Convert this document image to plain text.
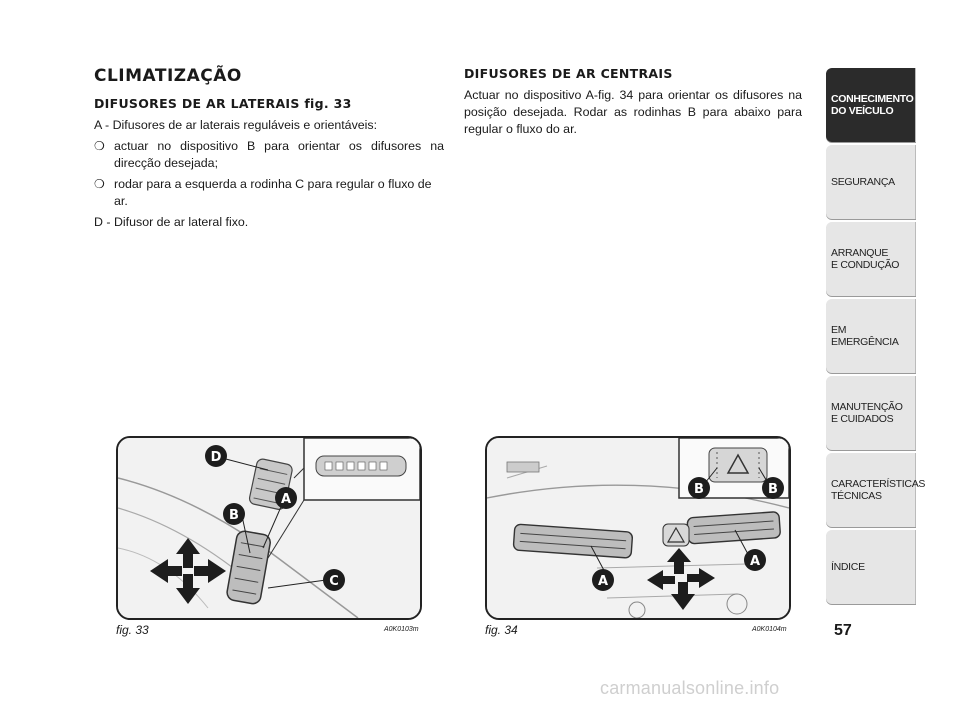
CLIMATIZAÇÃO
DIFUSORES DE AR LATERAIS fig. 33

A - Difusores de ar laterais reguláveis e orientáveis:

❍ actuar no dispositivo B para orientar os difusores na direcção desejada;
❍ rodar para a esquerda a rodinha C para regular o fluxo de ar.

D - Difusor de ar lateral fixo.

DIFUSORES DE AR CENTRAIS

Actuar no dispositivo A-fig. 34 para orientar os difusores na posição desejada. Rodar as rodinhas B para abaixo para regular o fluxo do ar.

D
A
B
C
fig. 33	A0K0103m
B	B
A
A
fig. 34	A0K0104m
CONHECIMENTO
DO VEÍCULO
SEGURANÇA
ARRANQUE
E CONDUÇÃO
EM EMERGÊNCIA
MANUTENÇÃO
E CUIDADOS
CARACTERÍSTICAS
TÉCNICAS
ÍNDICE
57
carmanualsonline.info
